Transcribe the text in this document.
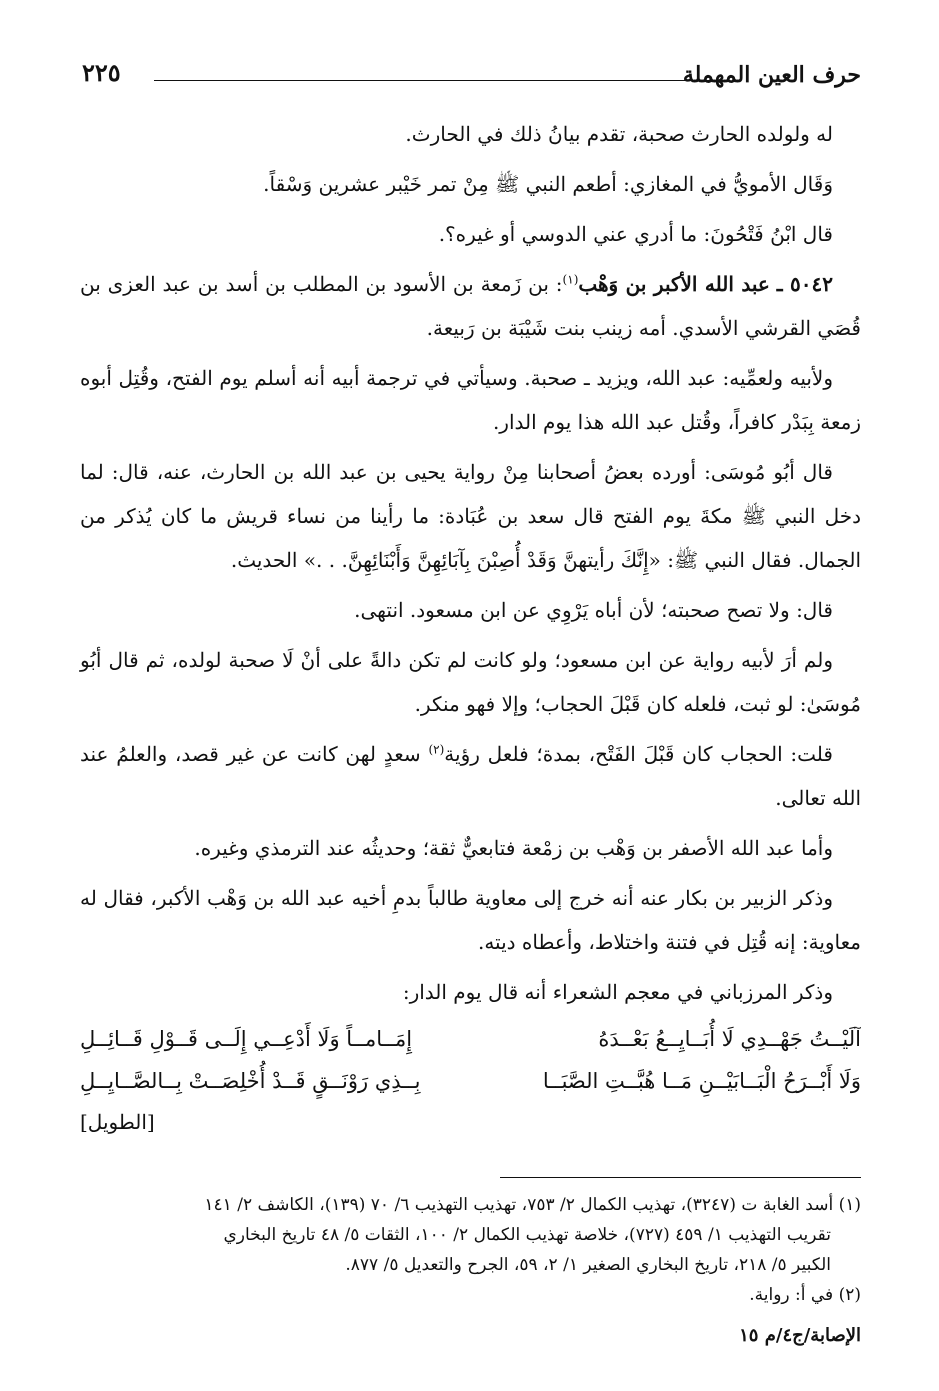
حرف العين المهملة
٢٢٥

له ولولده الحارث صحبة، تقدم بيانُ ذلك في الحارث.

وَقَال الأمويُّ في المغازي: أطعم النبي ﷺ مِنْ تمر خَيْبر عشرين وَسْقاً.

قال ابْنُ فَتْحُونَ: ما أدري عني الدوسي أو غيره؟.

٥٠٤٢ ـ عبد الله الأكبر بن وَهْب$^{(١)}$: بن زَمعة بن الأسود بن المطلب بن أسد بن عبد العزى بن قُصَي القرشي الأسدي. أمه زينب بنت شَيْبَة بن رَبيعة.

ولأبيه ولعمِّيه: عبد الله، ويزيد ـ صحبة. وسيأتي في ترجمة أبيه أنه أسلم يوم الفتح، وقُتِل أبوه زمعة بِبَدْر كافراً، وقُتل عبد الله هذا يوم الدار.

قال أبُو مُوسَى: أورده بعضُ أصحابنا مِنْ رواية يحيى بن عبد الله بن الحارث، عنه، قال: لما دخل النبي ﷺ مكةَ يوم الفتح قال سعد بن عُبَادة: ما رأينا من نساء قريش ما كان يُذكر من الجمال. فقال النبي ﷺ: «إِنَّكَ رأيتهنَّ وَقَدْ أُصِبْنَ بِآبَائِهِنَّ وَأَبْنَائِهِنَّ. . .» الحديث.

قال: ولا تصح صحبته؛ لأن أباه يَرْوِي عن ابن مسعود. انتهى.

ولم أرَ لأبيه رواية عن ابن مسعود؛ ولو كانت لم تكن دالةً على أنْ لَا صحبة لولده، ثم قال أبُو مُوسَىٰ: لو ثبت، فلعله كان قَبْلَ الحجاب؛ وإلا فهو منكر.

قلت: الحجاب كان قَبْلَ الفَتْح، بمدة؛ فلعل رؤية$^{(٢)}$ سعدٍ لهن كانت عن غير قصد، والعلمُ عند الله تعالى.

وأما عبد الله الأصفر بن وَهْب بن زمْعة فتابعيٌّ ثقة؛ وحديثُه عند الترمذي وغيره.

وذكر الزبير بن بكار عنه أنه خرج إلى معاوية طالباً بدمِ أخيه عبد الله بن وَهْب الأكبر، فقال له معاوية: إنه قُتِل في فتنة واختلاط، وأعطاه ديته.

وذكر المرزباني في معجم الشعراء أنه قال يوم الدار:

آلَيْــتُ جَهْــدِي لَا أُبَــايِــعُ بَعْــدَهُ
إِمَــامــاً وَلَا أَدْعِــي إِلَــى قَــوْلِ قَــائِــلِ
وَلَا أَبْــرَحُ الْبَــابَيْــنِ مَــا هُبَّــتِ الصَّبَــا
بِــذِي رَوْنَــقٍ قَــدْ أُخْلِصَــتْ بِــالصَّــايِــلِ
[الطويل]

(١) أسد الغابة ت (٣٢٤٧)، تهذيب الكمال ٢/ ٧٥٣، تهذيب التهذيب ٦/ ٧٠ (١٣٩)، الكاشف ٢/ ١٤١

تقريب التهذيب ١/ ٤٥٩ (٧٢٧)، خلاصة تهذيب الكمال ٢/ ١٠٠، الثقات ٥/ ٤٨ تاريخ البخاري

الكبير ٥/ ٢١٨، تاريخ البخاري الصغير ١/ ٢، ٥٩، الجرح والتعديل ٥/ ٨٧٧.

(٢) في أ: رواية.

الإصابة/ج٤/م ١٥
